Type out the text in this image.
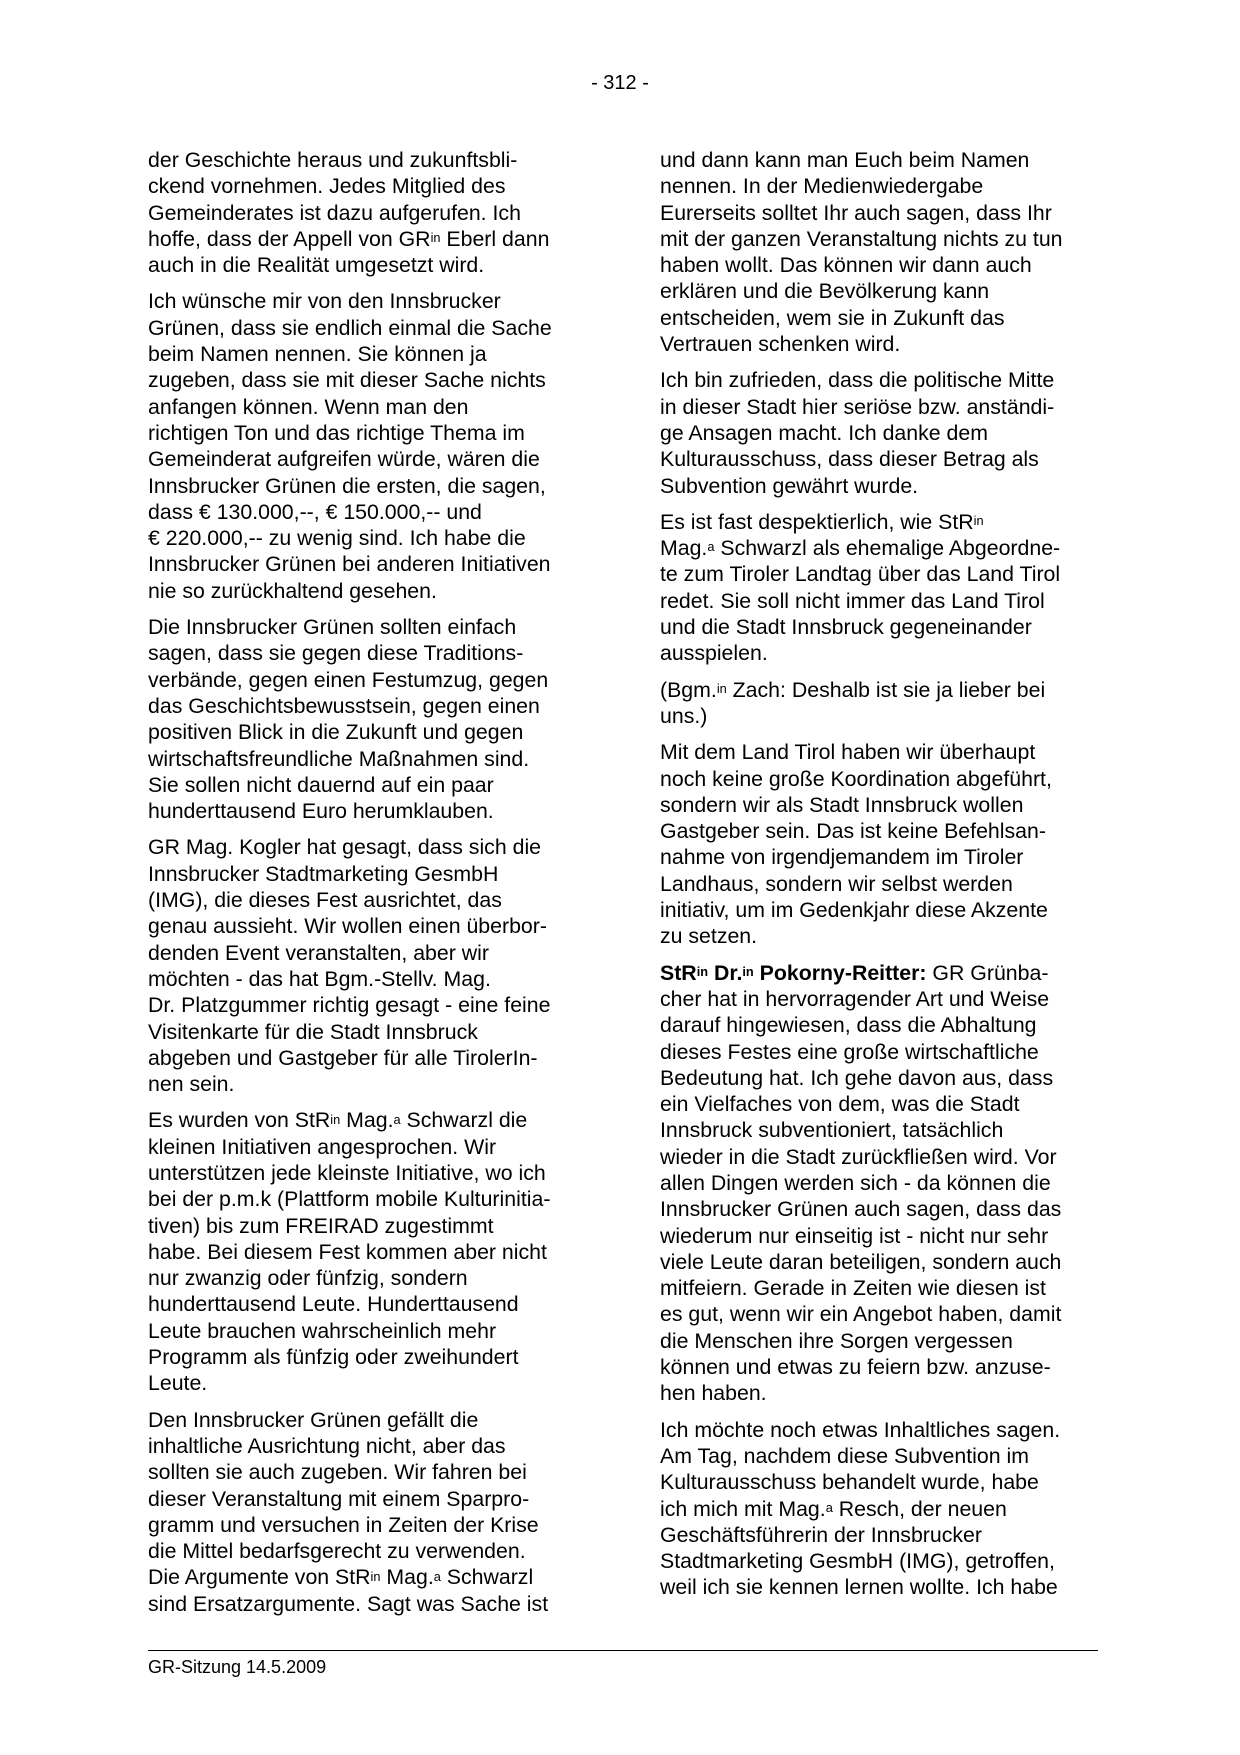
- 312 -

der Geschichte heraus und zukunftsbli-
ckend vornehmen. Jedes Mitglied des
Gemeinderates ist dazu aufgerufen. Ich
hoffe, dass der Appell von $GR^{in}$ Eberl dann
auch in die Realität umgesetzt wird.

Ich wünsche mir von den Innsbrucker
Grünen, dass sie endlich einmal die Sache
beim Namen nennen. Sie können ja
zugeben, dass sie mit dieser Sache nichts
anfangen können. Wenn man den
richtigen Ton und das richtige Thema im
Gemeinderat aufgreifen würde, wären die
Innsbrucker Grünen die ersten, die sagen,
dass € 130.000,--, € 150.000,-- und
€ 220.000,-- zu wenig sind. Ich habe die
Innsbrucker Grünen bei anderen Initiativen
nie so zurückhaltend gesehen.

Die Innsbrucker Grünen sollten einfach
sagen, dass sie gegen diese Traditions-
verbände, gegen einen Festumzug, gegen
das Geschichtsbewusstsein, gegen einen
positiven Blick in die Zukunft und gegen
wirtschaftsfreundliche Maßnahmen sind.
Sie sollen nicht dauernd auf ein paar
hunderttausend Euro herumklauben.

GR Mag. Kogler hat gesagt, dass sich die
Innsbrucker Stadtmarketing GesmbH
(IMG), die dieses Fest ausrichtet, das
genau aussieht. Wir wollen einen überbor-
denden Event veranstalten, aber wir
möchten - das hat Bgm.-Stellv. Mag.
Dr. Platzgummer richtig gesagt - eine feine
Visitenkarte für die Stadt Innsbruck
abgeben und Gastgeber für alle TirolerIn-
nen sein.

Es wurden von StR$^{in}$ Mag.$^a$ Schwarzl die
kleinen Initiativen angesprochen. Wir
unterstützen jede kleinste Initiative, wo ich
bei der p.m.k (Plattform mobile Kulturinitia-
tiven) bis zum FREIRAD zugestimmt
habe. Bei diesem Fest kommen aber nicht
nur zwanzig oder fünfzig, sondern
hunderttausend Leute. Hunderttausend
Leute brauchen wahrscheinlich mehr
Programm als fünfzig oder zweihundert
Leute.

Den Innsbrucker Grünen gefällt die
inhaltliche Ausrichtung nicht, aber das
sollten sie auch zugeben. Wir fahren bei
dieser Veranstaltung mit einem Sparpro-
gramm und versuchen in Zeiten der Krise
die Mittel bedarfsgerecht zu verwenden.
Die Argumente von StR$^{in}$ Mag.$^a$ Schwarzl
sind Ersatzargumente. Sagt was Sache ist

und dann kann man Euch beim Namen
nennen. In der Medienwiedergabe
Eurerseits solltet Ihr auch sagen, dass Ihr
mit der ganzen Veranstaltung nichts zu tun
haben wollt. Das können wir dann auch
erklären und die Bevölkerung kann
entscheiden, wem sie in Zukunft das
Vertrauen schenken wird.

Ich bin zufrieden, dass die politische Mitte
in dieser Stadt hier seriöse bzw. anständi-
ge Ansagen macht. Ich danke dem
Kulturausschuss, dass dieser Betrag als
Subvention gewährt wurde.

Es ist fast despektierlich, wie StR$^{in}$
Mag.$^a$ Schwarzl als ehemalige Abgeordne-
te zum Tiroler Landtag über das Land Tirol
redet. Sie soll nicht immer das Land Tirol
und die Stadt Innsbruck gegeneinander
ausspielen.

(Bgm.$^{in}$ Zach: Deshalb ist sie ja lieber bei
uns.)

Mit dem Land Tirol haben wir überhaupt
noch keine große Koordination abgeführt,
sondern wir als Stadt Innsbruck wollen
Gastgeber sein. Das ist keine Befehlsan-
nahme von irgendjemandem im Tiroler
Landhaus, sondern wir selbst werden
initiativ, um im Gedenkjahr diese Akzente
zu setzen.

StR$^{in}$ Dr.$^{in}$ Pokorny-Reitter: GR Grünba-
cher hat in hervorragender Art und Weise
darauf hingewiesen, dass die Abhaltung
dieses Festes eine große wirtschaftliche
Bedeutung hat. Ich gehe davon aus, dass
ein Vielfaches von dem, was die Stadt
Innsbruck subventioniert, tatsächlich
wieder in die Stadt zurückfließen wird. Vor
allen Dingen werden sich - da können die
Innsbrucker Grünen auch sagen, dass das
wiederum nur einseitig ist - nicht nur sehr
viele Leute daran beteiligen, sondern auch
mitfeiern. Gerade in Zeiten wie diesen ist
es gut, wenn wir ein Angebot haben, damit
die Menschen ihre Sorgen vergessen
können und etwas zu feiern bzw. anzuse-
hen haben.

Ich möchte noch etwas Inhaltliches sagen.
Am Tag, nachdem diese Subvention im
Kulturausschuss behandelt wurde, habe
ich mich mit Mag.$^a$ Resch, der neuen
Geschäftsführerin der Innsbrucker
Stadtmarketing GesmbH (IMG), getroffen,
weil ich sie kennen lernen wollte. Ich habe

GR-Sitzung 14.5.2009
